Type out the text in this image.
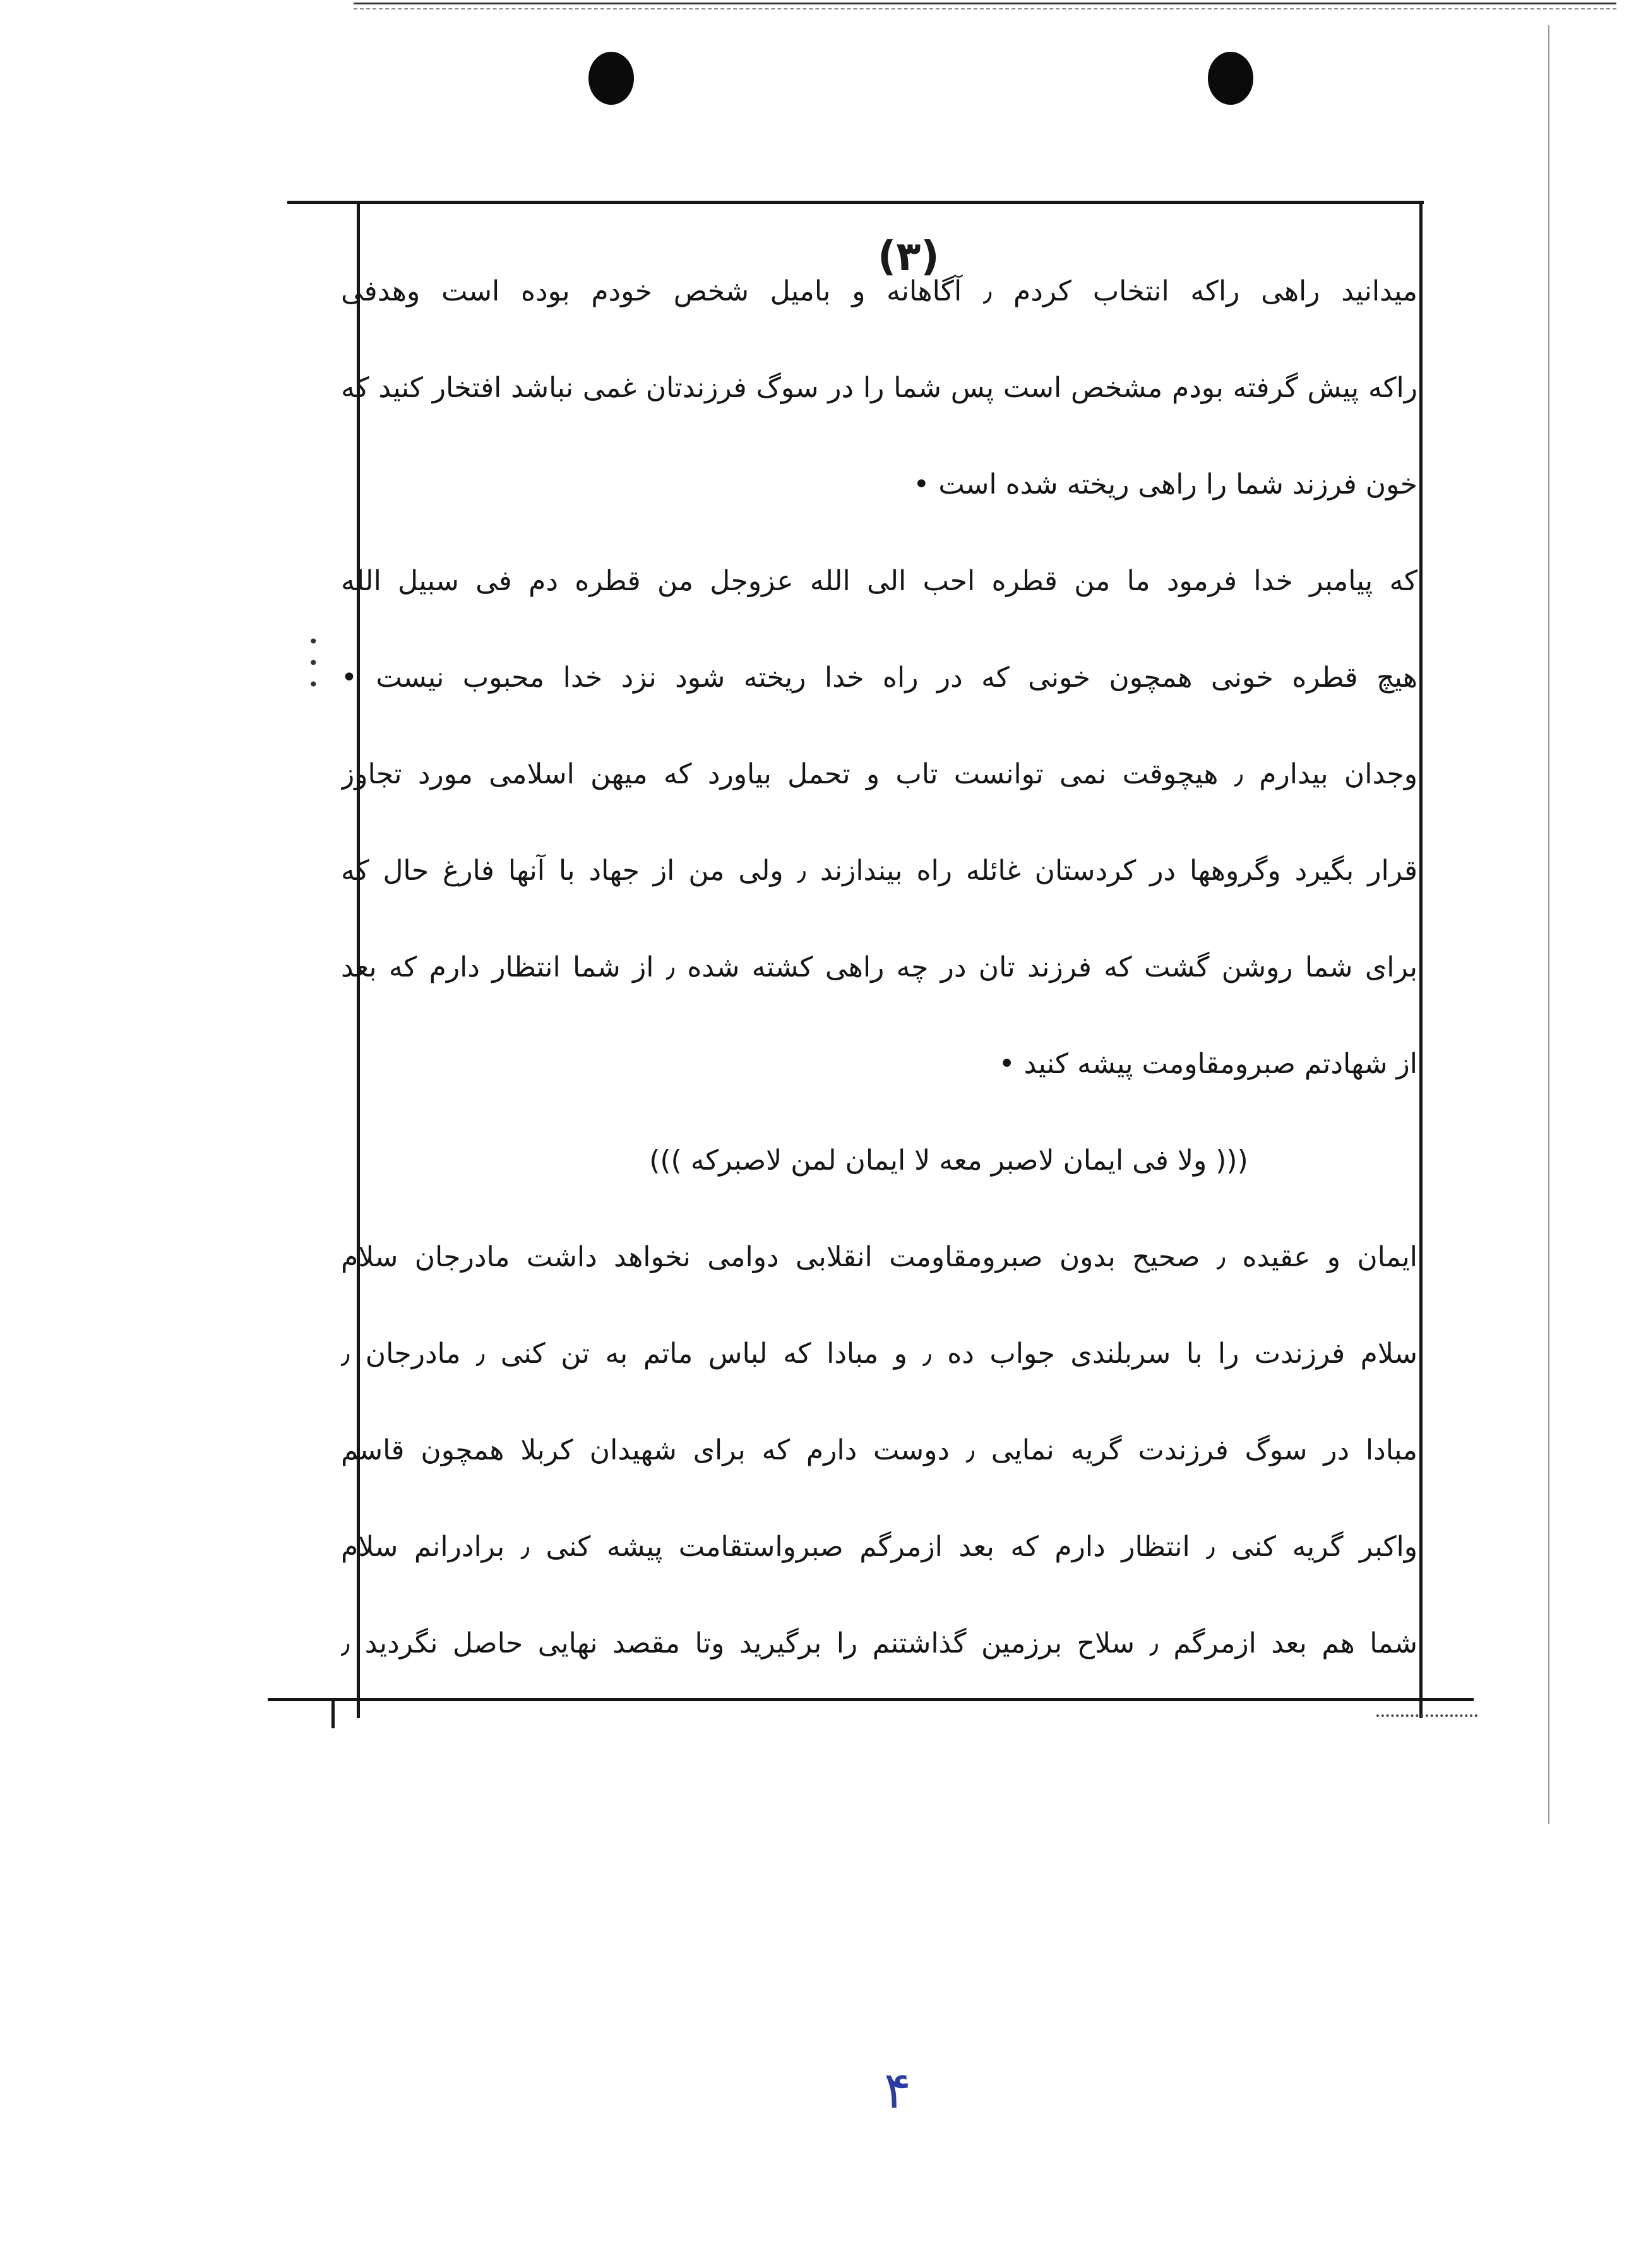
(٣)
•
•
•
میدانید راهی راکه انتخاب کردم ٫ آگاهانه و بامیل شخص خودم بوده است وهدفی
راکه پیش گرفته بودم مشخص است پس شما را در سوگ فرزندتان غمی نباشد افتخار کنید که
خون فرزند شما را راهی ریخته شده است •
که پیامبر خدا فرمود ما من قطره احب الی الله عزوجل من قطره دم فی سبیل الله
هیچ قطره خونی همچون خونی که در راه خدا ریخته شود نزد خدا محبوب نیست •
وجدان بیدارم ٫ هیچوقت نمی توانست تاب و تحمل بیاورد که میهن اسلامی مورد تجاوز
قرار بگیرد وگروهها در کردستان غائله راه بیندازند ٫ ولی من از جهاد با آنها فارغ حال که
برای شما روشن گشت که فرزند تان در چه راهی کشته شده ٫ از شما انتظار دارم که بعد
از شهادتم صبرومقاومت پیشه کنید •
((( ولا فی ایمان لاصبر معه لا ایمان لمن لاصبرکه )))
ایمان و عقیده ٫ صحیح بدون صبرومقاومت انقلابی دوامی نخواهد داشت مادرجان سلام
سلام فرزندت را با سربلندی جواب ده ٫ و مبادا که لباس ماتم به تن کنی ٫ مادرجان ٫
مبادا در سوگ فرزندت گریه نمایی ٫ دوست دارم که برای شهیدان کربلا همچون قاسم
واکبر گریه کنی ٫ انتظار دارم که بعد ازمرگم صبرواستقامت پیشه کنی ٫ برادرانم سلام
شما هم بعد ازمرگم ٫ سلاح برزمین گذاشتنم را برگیرید وتا مقصد نهایی حاصل نگردید ٫
۴
